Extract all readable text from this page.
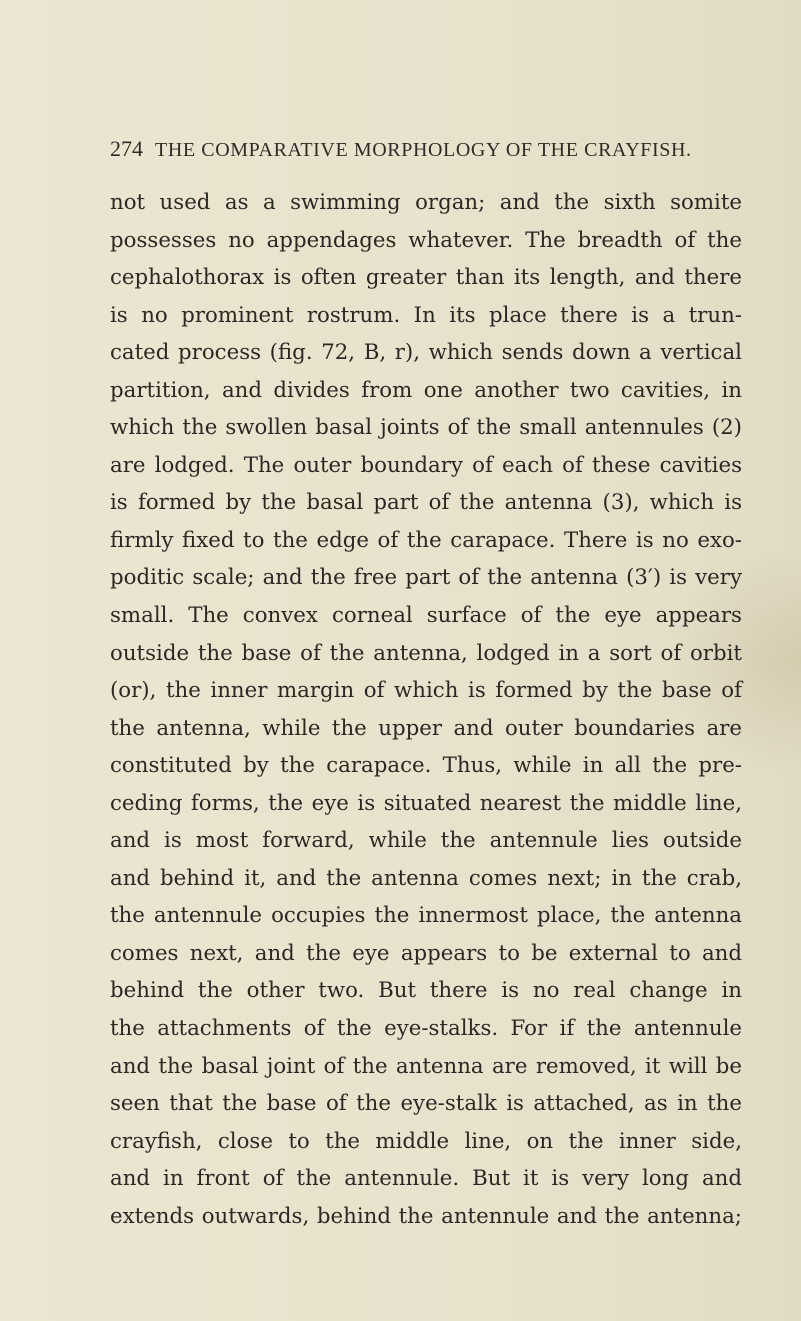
274 THE COMPARATIVE MORPHOLOGY OF THE CRAYFISH.
not used as a swimming organ; and the sixth somite
possesses no appendages whatever. The breadth of the
cephalothorax is often greater than its length, and there
is no prominent rostrum. In its place there is a trun-
cated process (fig. 72, B, r), which sends down a vertical
partition, and divides from one another two cavities, in
which the swollen basal joints of the small antennules (2)
are lodged. The outer boundary of each of these cavities
is formed by the basal part of the antenna (3), which is
firmly fixed to the edge of the carapace. There is no exo-
poditic scale; and the free part of the antenna (3′) is very
small. The convex corneal surface of the eye appears
outside the base of the antenna, lodged in a sort of orbit
(or), the inner margin of which is formed by the base of
the antenna, while the upper and outer boundaries are
constituted by the carapace. Thus, while in all the pre-
ceding forms, the eye is situated nearest the middle line,
and is most forward, while the antennule lies outside
and behind it, and the antenna comes next; in the crab,
the antennule occupies the innermost place, the antenna
comes next, and the eye appears to be external to and
behind the other two. But there is no real change in
the attachments of the eye-stalks. For if the antennule
and the basal joint of the antenna are removed, it will be
seen that the base of the eye-stalk is attached, as in the
crayfish, close to the middle line, on the inner side,
and in front of the antennule. But it is very long and
extends outwards, behind the antennule and the antenna;
